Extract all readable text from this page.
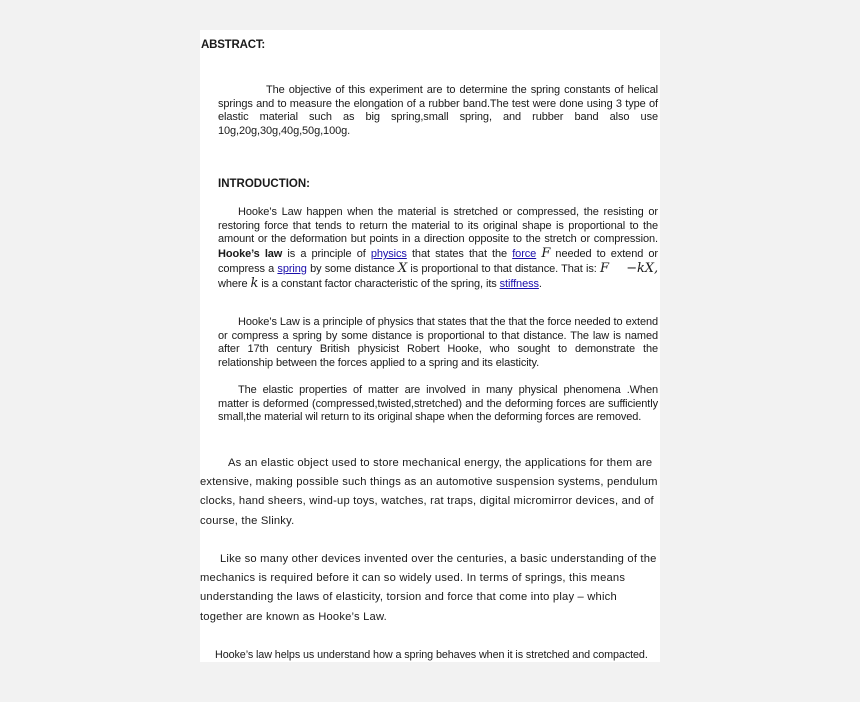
ABSTRACT:

The objective of this experiment are to determine the spring constants of helical springs and to measure the elongation of a rubber band.The test were done using 3 type of elastic material such as big spring,small spring, and rubber band also use 10g,20g,30g,40g,50g,100g.

INTRODUCTION:

Hooke’s Law happen when the material is stretched or compressed, the resisting or restoring force that tends to return the material to its original shape is proportional to the amount or the deformation but points in a direction opposite to the stretch or compression. Hooke’s law is a principle of physics that states that the force F needed to extend or compress a spring by some distance X is proportional to that distance. That is: F    −kX, where k is a constant factor characteristic of the spring, its stiffness.

Hooke’s Law is a principle of physics that states that the that the force needed to extend or compress a spring by some distance is proportional to that distance. The law is named after 17th century British physicist Robert Hooke, who sought to demonstrate the relationship between the forces applied to a spring and its elasticity.

The elastic properties of matter are involved in many physical phenomena .When matter is deformed (compressed,twisted,stretched) and the deforming forces are sufficiently small,the material wil return to its original shape when the deforming forces are removed.

As an elastic object used to store mechanical energy, the applications for them are extensive, making possible such things as an automotive suspension systems, pendulum clocks, hand sheers, wind-up toys, watches, rat traps, digital micromirror devices, and of course, the Slinky.

Like so many other devices invented over the centuries, a basic understanding of the mechanics is required before it can so widely used. In terms of springs, this means understanding the laws of elasticity, torsion and force that come into play – which together are known as Hooke’s Law.

Hooke’s law helps us understand how a spring behaves when it is stretched and compacted.
